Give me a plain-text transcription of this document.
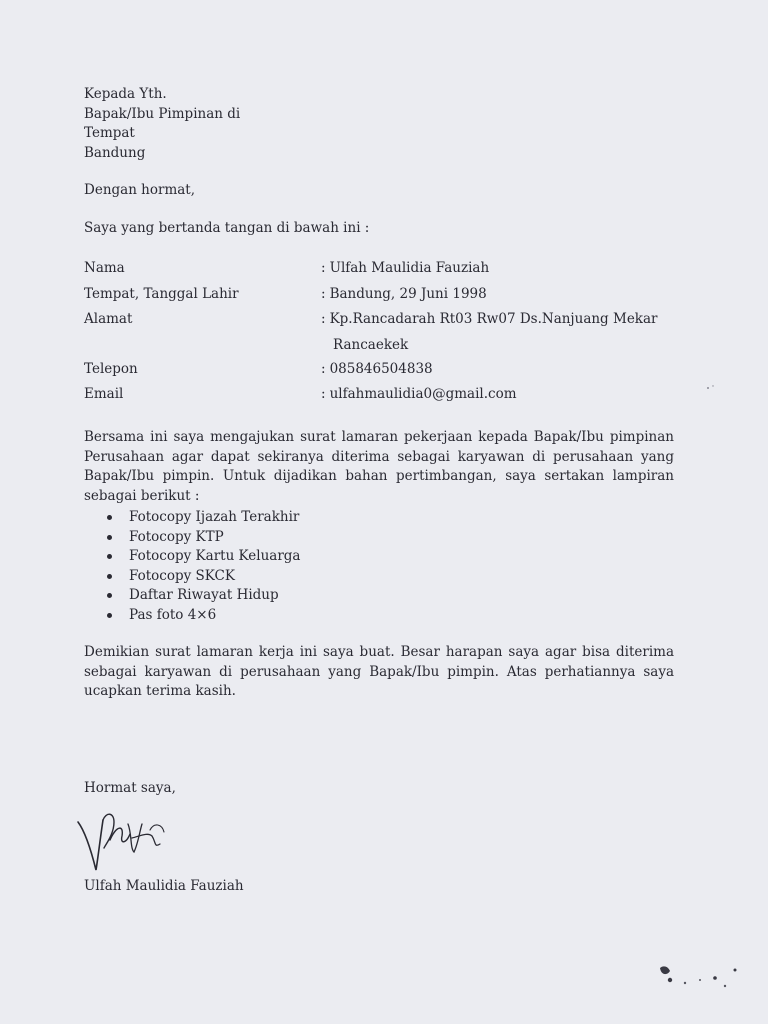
Kepada Yth.
Bapak/Ibu Pimpinan di
Tempat
Bandung
Dengan hormat,
Saya yang bertanda tangan di bawah ini :
Nama	: Ulfah Maulidia Fauziah
Tempat, Tanggal Lahir	: Bandung, 29 Juni 1998
Alamat	: Kp.Rancadarah Rt03 Rw07 Ds.Nanjuang Mekar
Rancaekek
Telepon	: 085846504838
Email	: ulfahmaulidia0@gmail.com
Bersama ini saya mengajukan surat lamaran pekerjaan kepada Bapak/Ibu pimpinan Perusahaan agar dapat sekiranya diterima sebagai karyawan di perusahaan yang Bapak/Ibu pimpin. Untuk dijadikan bahan pertimbangan, saya sertakan lampiran sebagai berikut :
Fotocopy Ijazah Terakhir
Fotocopy KTP
Fotocopy Kartu Keluarga
Fotocopy SKCK
Daftar Riwayat Hidup
Pas foto 4×6
Demikian surat lamaran kerja ini saya buat. Besar harapan saya agar bisa diterima sebagai karyawan di perusahaan yang Bapak/Ibu pimpin. Atas perhatiannya saya ucapkan terima kasih.
Hormat saya,
Ulfah Maulidia Fauziah
